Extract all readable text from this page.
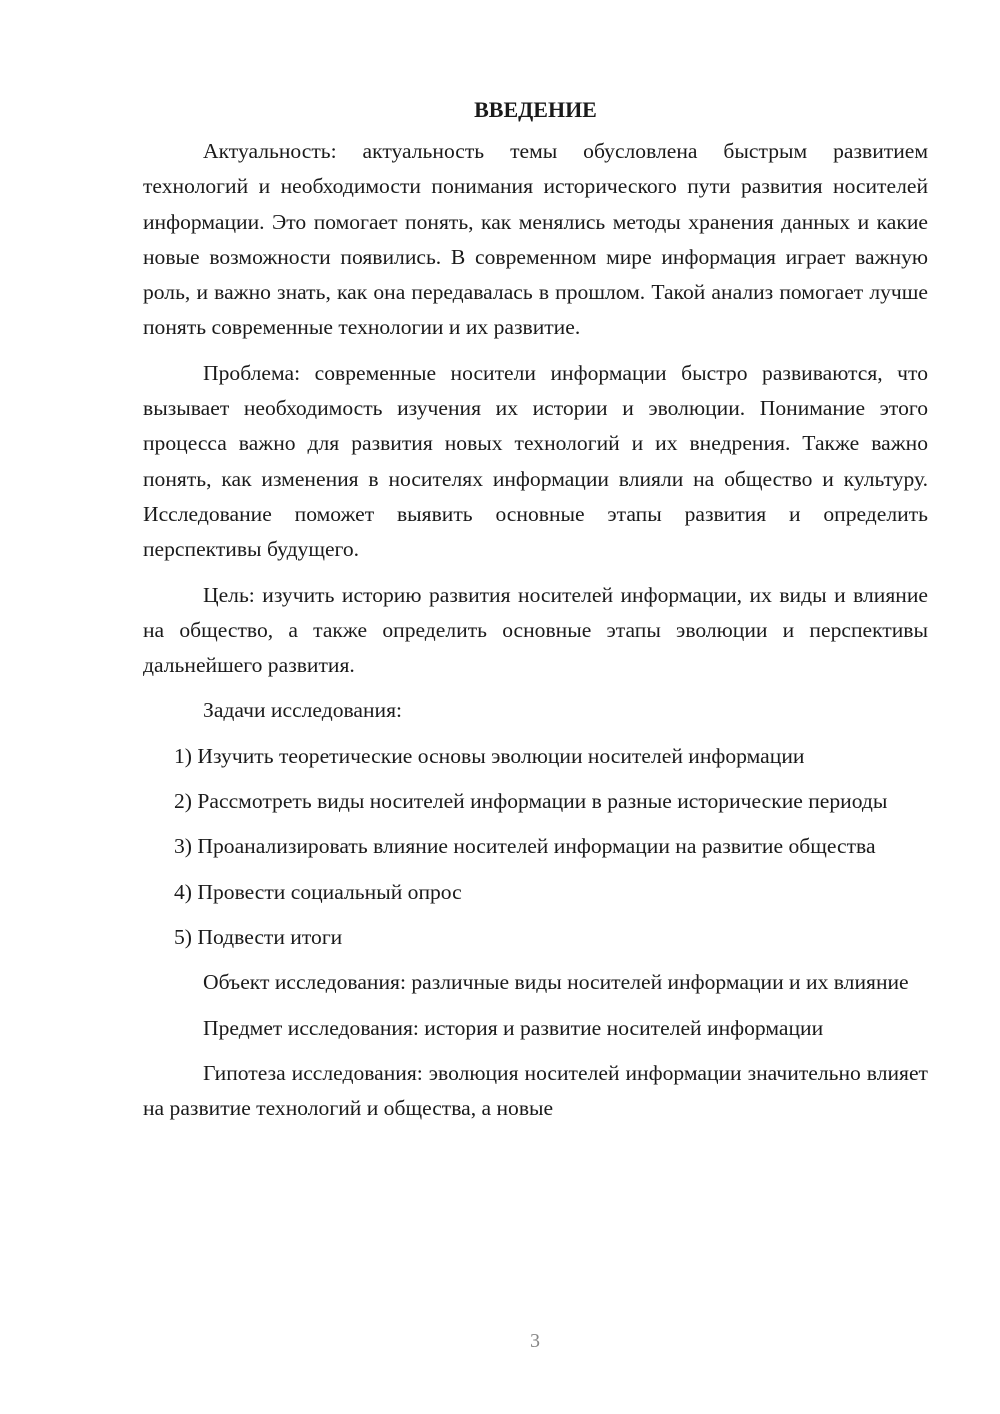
ВВЕДЕНИЕ

Актуальность: актуальность темы обусловлена быстрым развитием технологий и необходимости понимания исторического пути развития носителей информации. Это помогает понять, как менялись методы хранения данных и какие новые возможности появились. В современном мире информация играет важную роль, и важно знать, как она передавалась в прошлом. Такой анализ помогает лучше понять современные технологии и их развитие.

Проблема: современные носители информации быстро развиваются, что вызывает необходимость изучения их истории и эволюции. Понимание этого процесса важно для развития новых технологий и их внедрения. Также важно понять, как изменения в носителях информации влияли на общество и культуру. Исследование поможет выявить основные этапы развития и определить перспективы будущего.

Цель: изучить историю развития носителей информации, их виды и влияние на общество, а также определить основные этапы эволюции и перспективы дальнейшего развития.

Задачи исследования:

1) Изучить теоретические основы эволюции носителей информации

2) Рассмотреть виды носителей информации в разные исторические периоды

3) Проанализировать влияние носителей информации на развитие общества

4) Провести социальный опрос

5) Подвести итоги

Объект исследования: различные виды носителей информации и их влияние

Предмет исследования: история и развитие носителей информации

Гипотеза исследования: эволюция носителей информации значительно влияет на развитие технологий и общества, а новые

3
